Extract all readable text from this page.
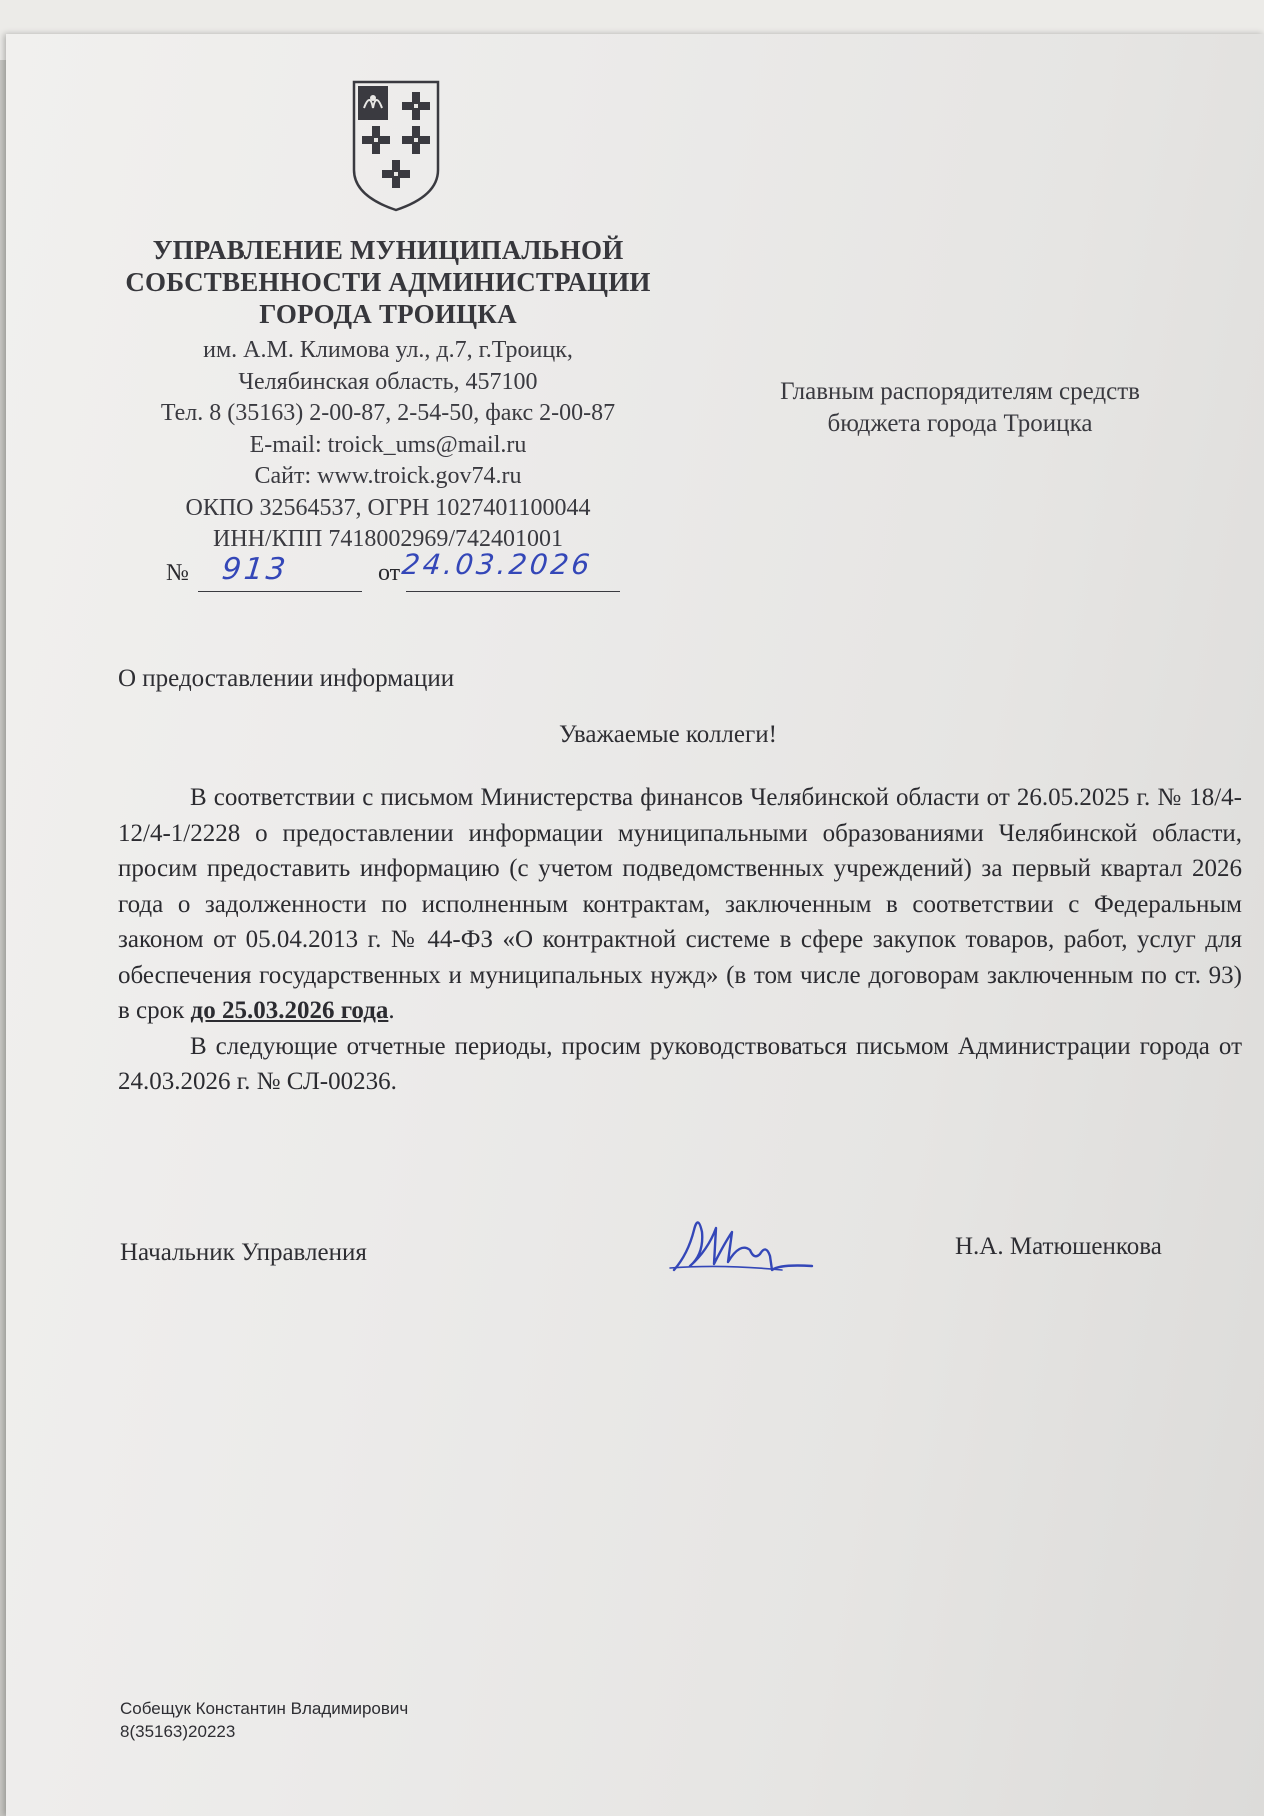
УПРАВЛЕНИЕ МУНИЦИПАЛЬНОЙ
СОБСТВЕННОСТИ АДМИНИСТРАЦИИ
ГОРОДА ТРОИЦКА
им. А.М. Климова ул., д.7, г.Троицк,
Челябинская область, 457100
Тел. 8 (35163) 2-00-87, 2-54-50, факс 2-00-87
E-mail: troick_ums@mail.ru
Сайт: www.troick.gov74.ru
ОКПО 32564537, ОГРН 1027401100044
ИНН/КПП 7418002969/742401001
№ 913	от 24.03.2026
Главным распорядителям средств
бюджета города Троицка
О предоставлении информации
Уважаемые коллеги!

В соответствии с письмом Министерства финансов Челябинской области от 26.05.2025 г. № 18/4-12/4-1/2228 о предоставлении информации муниципальными образованиями Челябинской области, просим предоставить информацию (с учетом подведомственных учреждений) за первый квартал 2026 года о задолженности по исполненным контрактам, заключенным в соответствии с Федеральным законом от 05.04.2013 г. № 44-ФЗ «О контрактной системе в сфере закупок товаров, работ, услуг для обеспечения государственных и муниципальных нужд» (в том числе договорам заключенным по ст. 93) в срок до 25.03.2026 года.

В следующие отчетные периоды, просим руководствоваться письмом Администрации города от 24.03.2026 г. № СЛ-00236.

Начальник Управления	Н.А. Матюшенкова
Собещук Константин Владимирович
8(35163)20223
